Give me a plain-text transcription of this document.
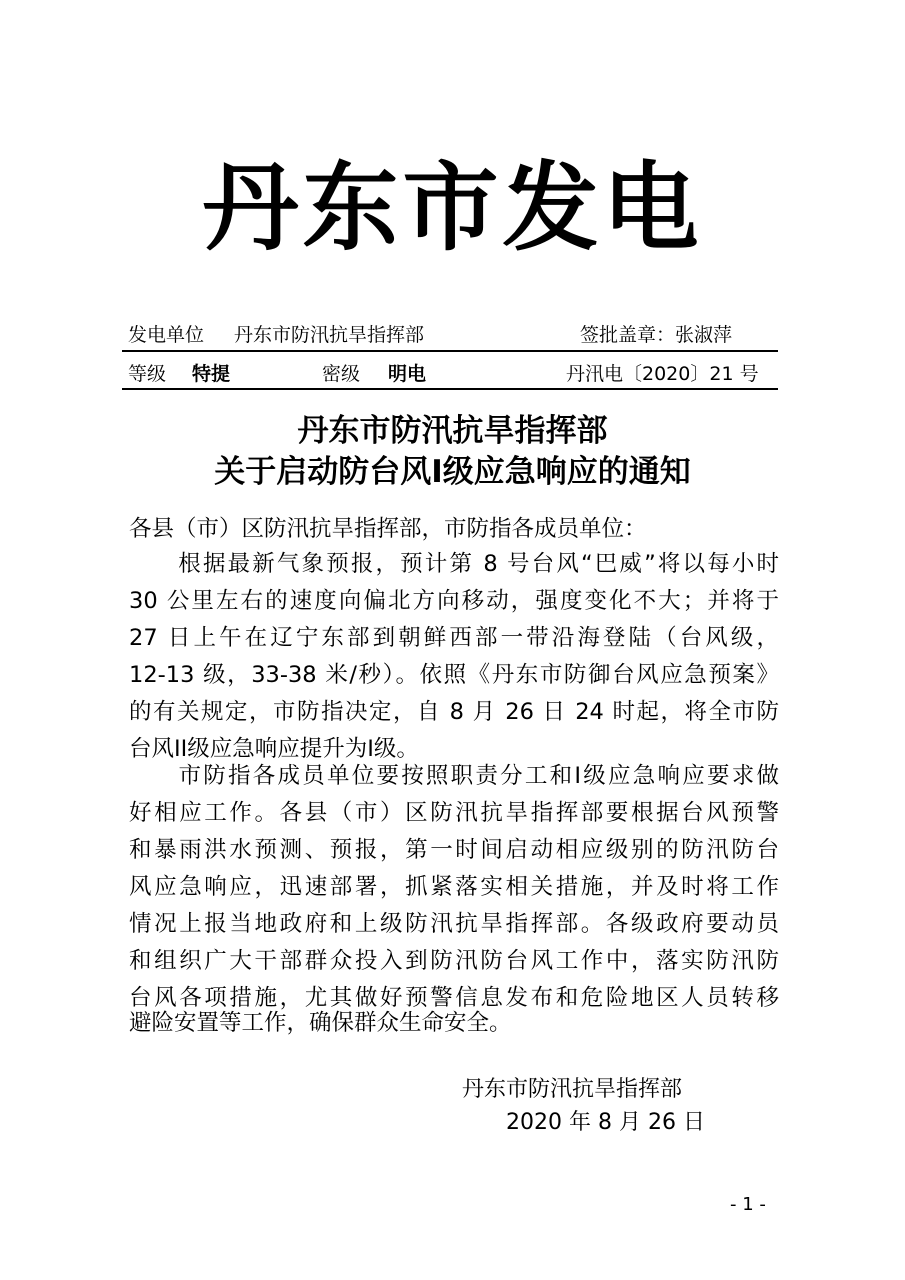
丹东市发电
发电单位 丹东市防汛抗旱指挥部	签批盖章：张淑萍
等级 特提	密级 明电	丹汛电〔2020〕21 号
丹东市防汛抗旱指挥部
关于启动防台风I级应急响应的通知
各县（市）区防汛抗旱指挥部，市防指各成员单位：
　　根据最新气象预报，预计第 8 号台风“巴威”将以每小时
30 公里左右的速度向偏北方向移动，强度变化不大；并将于
27 日上午在辽宁东部到朝鲜西部一带沿海登陆（台风级，
12-13 级，33-38 米/秒）。依照《丹东市防御台风应急预案》
的有关规定，市防指决定，自 8 月 26 日 24 时起，将全市防
台风II级应急响应提升为I级。
　　市防指各成员单位要按照职责分工和I级应急响应要求做
好相应工作。各县（市）区防汛抗旱指挥部要根据台风预警
和暴雨洪水预测、预报，第一时间启动相应级别的防汛防台
风应急响应，迅速部署，抓紧落实相关措施，并及时将工作
情况上报当地政府和上级防汛抗旱指挥部。各级政府要动员
和组织广大干部群众投入到防汛防台风工作中，落实防汛防
台风各项措施，尤其做好预警信息发布和危险地区人员转移
避险安置等工作，确保群众生命安全。
丹东市防汛抗旱指挥部
2020 年 8 月 26 日
- 1 -
